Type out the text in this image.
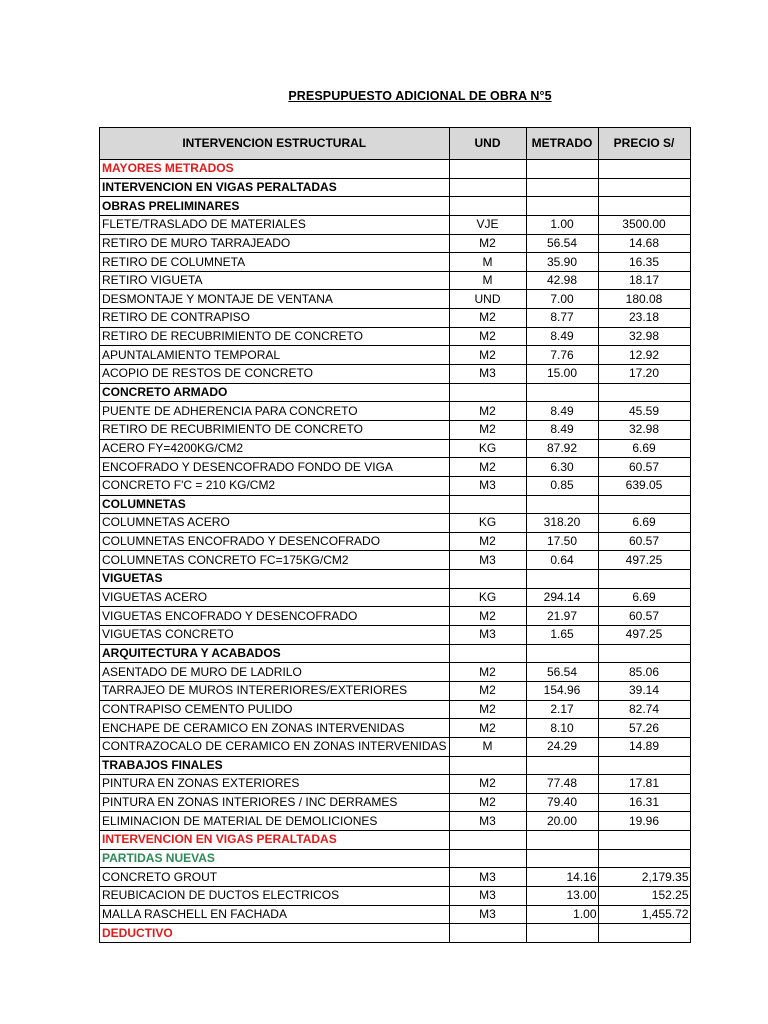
PRESPUPUESTO ADICIONAL DE OBRA N°5
INTERVENCION ESTRUCTURAL	UND	METRADO	PRECIO S/
MAYORES METRADOS			
INTERVENCION EN VIGAS PERALTADAS			
OBRAS PRELIMINARES			
FLETE/TRASLADO DE MATERIALES	VJE	1.00	3500.00
RETIRO DE MURO TARRAJEADO	M2	56.54	14.68
RETIRO DE COLUMNETA	M	35.90	16.35
RETIRO VIGUETA	M	42.98	18.17
DESMONTAJE Y MONTAJE DE VENTANA	UND	7.00	180.08
RETIRO DE CONTRAPISO	M2	8.77	23.18
RETIRO DE RECUBRIMIENTO DE CONCRETO	M2	8.49	32.98
APUNTALAMIENTO TEMPORAL	M2	7.76	12.92
ACOPIO DE RESTOS DE CONCRETO	M3	15.00	17.20
CONCRETO ARMADO			
PUENTE DE ADHERENCIA PARA CONCRETO	M2	8.49	45.59
RETIRO DE RECUBRIMIENTO DE CONCRETO	M2	8.49	32.98
ACERO FY=4200KG/CM2	KG	87.92	6.69
ENCOFRADO Y DESENCOFRADO FONDO DE VIGA	M2	6.30	60.57
CONCRETO F'C = 210 KG/CM2	M3	0.85	639.05
COLUMNETAS			
COLUMNETAS ACERO	KG	318.20	6.69
COLUMNETAS ENCOFRADO Y DESENCOFRADO	M2	17.50	60.57
COLUMNETAS CONCRETO FC=175KG/CM2	M3	0.64	497.25
VIGUETAS			
VIGUETAS ACERO	KG	294.14	6.69
VIGUETAS ENCOFRADO Y DESENCOFRADO	M2	21.97	60.57
VIGUETAS CONCRETO	M3	1.65	497.25
ARQUITECTURA Y ACABADOS			
ASENTADO DE MURO DE LADRILO	M2	56.54	85.06
TARRAJEO DE MUROS INTERERIORES/EXTERIORES	M2	154.96	39.14
CONTRAPISO CEMENTO PULIDO	M2	2.17	82.74
ENCHAPE DE CERAMICO EN ZONAS INTERVENIDAS	M2	8.10	57.26
CONTRAZOCALO DE CERAMICO EN ZONAS INTERVENIDAS	M	24.29	14.89
TRABAJOS FINALES			
PINTURA EN ZONAS EXTERIORES	M2	77.48	17.81
PINTURA EN ZONAS INTERIORES / INC DERRAMES	M2	79.40	16.31
ELIMINACION DE MATERIAL DE DEMOLICIONES	M3	20.00	19.96
INTERVENCION EN VIGAS PERALTADAS			
PARTIDAS NUEVAS			
CONCRETO GROUT	M3	14.16	2,179.35
REUBICACION DE DUCTOS ELECTRICOS	M3	13.00	152.25
MALLA RASCHELL EN FACHADA	M3	1.00	1,455.72
DEDUCTIVO			
